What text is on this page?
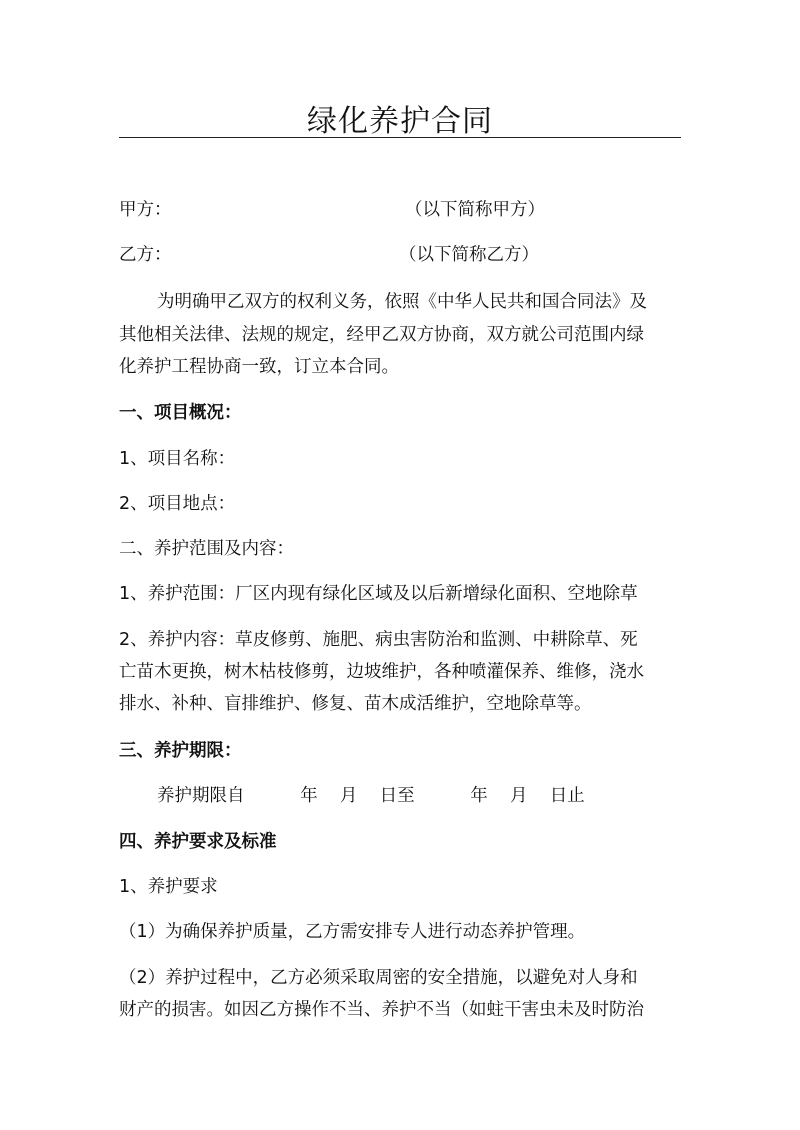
绿化养护合同
甲方：	（以下简称甲方）
乙方：	（以下简称乙方）
为明确甲乙双方的权利义务，依照《中华人民共和国合同法》及
其他相关法律、法规的规定，经甲乙双方协商，双方就公司范围内绿
化养护工程协商一致，订立本合同。
一、项目概况：
1、项目名称：
2、项目地点：
二、养护范围及内容：
1、养护范围：厂区内现有绿化区域及以后新增绿化面积、空地除草
2、养护内容：草皮修剪、施肥、病虫害防治和监测、中耕除草、死
亡苗木更换，树木枯枝修剪，边坡维护，各种喷灌保养、维修，浇水
排水、补种、盲排维护、修复、苗木成活维护，空地除草等。
三、养护期限：
养护期限自          年    月    日至          年    月    日止
四、养护要求及标准
1、养护要求
（1）为确保养护质量，乙方需安排专人进行动态养护管理。
（2）养护过程中，乙方必须采取周密的安全措施，以避免对人身和
财产的损害。如因乙方操作不当、养护不当（如蛀干害虫未及时防治
